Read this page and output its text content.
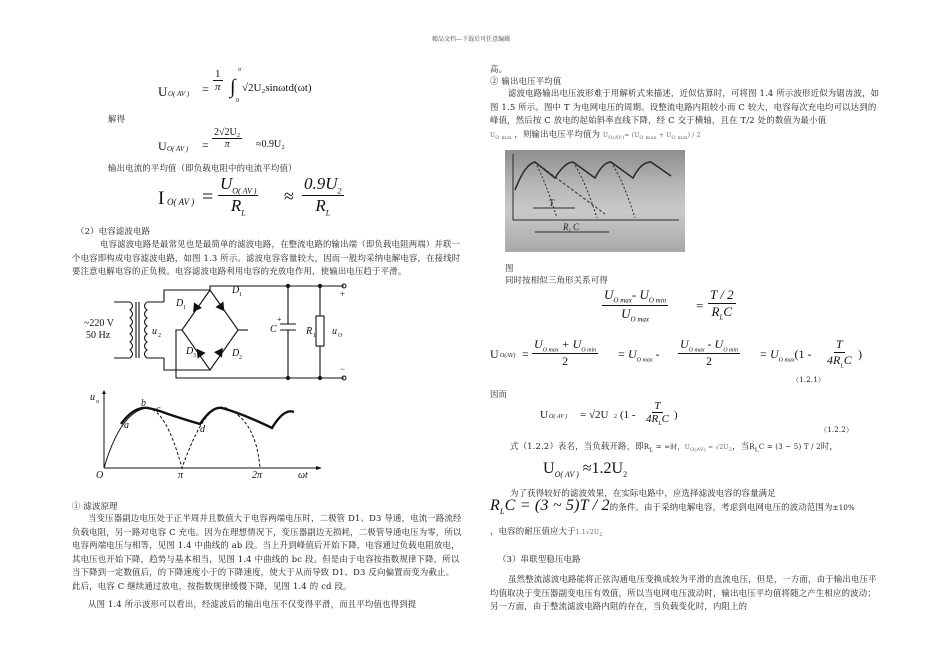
精品文档---下载后可任意编辑
U O( AV ) = $\frac{1}{\pi}$ ∫
π
0
√2U₂sinωtd(ωt)
解得
U O( AV ) = $\frac{\text{2√2U₂}}{\pi} \approx 0.9U_2$
输出电流的平均值（即负载电阻中的电流平均值）
I O( AV ) = $\frac{U_{O( AV )}}{R_L} \approx \frac{0.9U_2}{R_L}$
（2）电容滤波电路
电容滤波电路是最常见也是最简单的滤波电路，在整流电路的输出端（即负载电阻两端）并联一个电容即构成电容滤波电路，如图 1.3 所示。滤波电容容量较大，因而一般均采纳电解电容，在接线时要注意电解电容的正负极。电容滤波电路利用电容的充放电作用，使输出电压趋于平滑。
~220 V
50 Hz	u 2
D 1
D 1
D 3	D 2
C
+
R 1 u O
+
−
u o
a
b
c
d
O	π	2π	ωt
① 滤波原理
当变压器副边电压处于正半周并且数值大于电容两端电压时，二极管 D1、D3 导通，电流一路流经负载电阻，另一路对电容 C 充电。因为在理想情况下，变压器副边无损耗，二极管导通电压为零，所以电容两端电压与相等，见图 1.4 中曲线的 ab 段。当上升到峰值后开始下降，电容通过负载电阻放电，其电压也开始下降，趋势与基本相当，见图 1.4 中曲线的 bc 段。但是由于电容按指数规律下降，所以当下降到一定数值后，的下降速度小于的下降速度，使大于从而导致 D1、D3 反向偏置而变为截止。此后，电容 C 继续通过放电，按指数规律缓慢下降，见图 1.4 的 cd 段。
从图 1.4 所示波形可以看出，经滤波后的输出电压不仅变得平滑，而且平均值也得到提
高。
② 输出电压平均值
滤波电路输出电压波形难于用解析式来描述，近似估算时，可将图 1.4 所示波形近似为锯齿波，如图 1.5 所示。图中 T 为电网电压的周期。设整流电路内阻较小而 C 较大，电容每次充电均可以达到的峰值，然后按 C 放电的起始斜率直线下降，经 C 交于横轴，且在 T/2 处的数值为最小值
$U_{O min}$ ，则输出电压平均值为 $U_{O(AV)}= (U_{O max} + U_{O min}) / 2$
T
R L C
图
同时按相似三角形关系可得
$U_{O max}-$ $U_{O min}$
$U_{O max}$
=
T / 2
$R_LC$
U O(AV) =
$U_{O max} + U_{O min}$
2
= $U_{O max}$ -
$U_{O max} - U_{O min}$
2
= $U_{O max}(1$ -
T
$4R_LC$ )
（1.2.1）
因而
U O( AV ) = √2U 2 (1 -
T
$4R_LC$ )
（1.2.2）
式（1.2.2）表名，当负载开路，即$R_L$ = ∞时，$U_{O(AV)} = √2U_2$，当$R_LC = (3$ ~ 5) T / 2时，
$U_{O( AV )} \approx 1.2U_2$
为了获得较好的滤波效果，在实际电路中，应选择滤波电容的容量满足
$R_LC = (3$ ~ 5)T / 2的条件。由于采纳电解电容，考虑到电网电压的波动范围为±10%
，电容的耐压值应大于$1.1√2U_2$
（3）串联型稳压电路
虽然整流滤波电路能将正弦沟通电压变换成较为平滑的直流电压，但是，一方面，由于输出电压平均值取决于变压器副变电压有效值，所以当电网电压波动时，输出电压平均值将随之产生相应的波动；另一方面，由于整流滤波电路内阻的存在，当负载变化时，内阻上的
